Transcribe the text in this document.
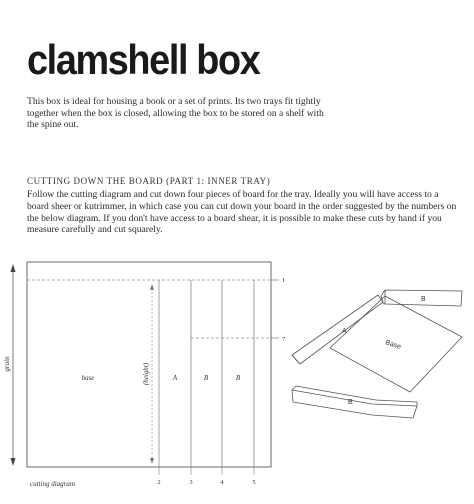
clamshell box

This box is ideal for housing a book or a set of prints. Its two trays fit tightly together when the box is closed, allowing the box to be stored on a shelf with the spine out.

CUTTING DOWN THE BOARD (PART 1: INNER TRAY)

Follow the cutting diagram and cut down four pieces of board for the tray. Ideally you will have access to a board sheer or kutrimmer, in which case you can cut down your board in the order suggested by the numbers on the below diagram. If you don't have access to a board shear, it is possible to make these cuts by hand if you measure carefully and cut squarely.

(height)
grain
base	A	B	B
1
7
2	3	4	5
cutting diagram
Base
A
B
B
